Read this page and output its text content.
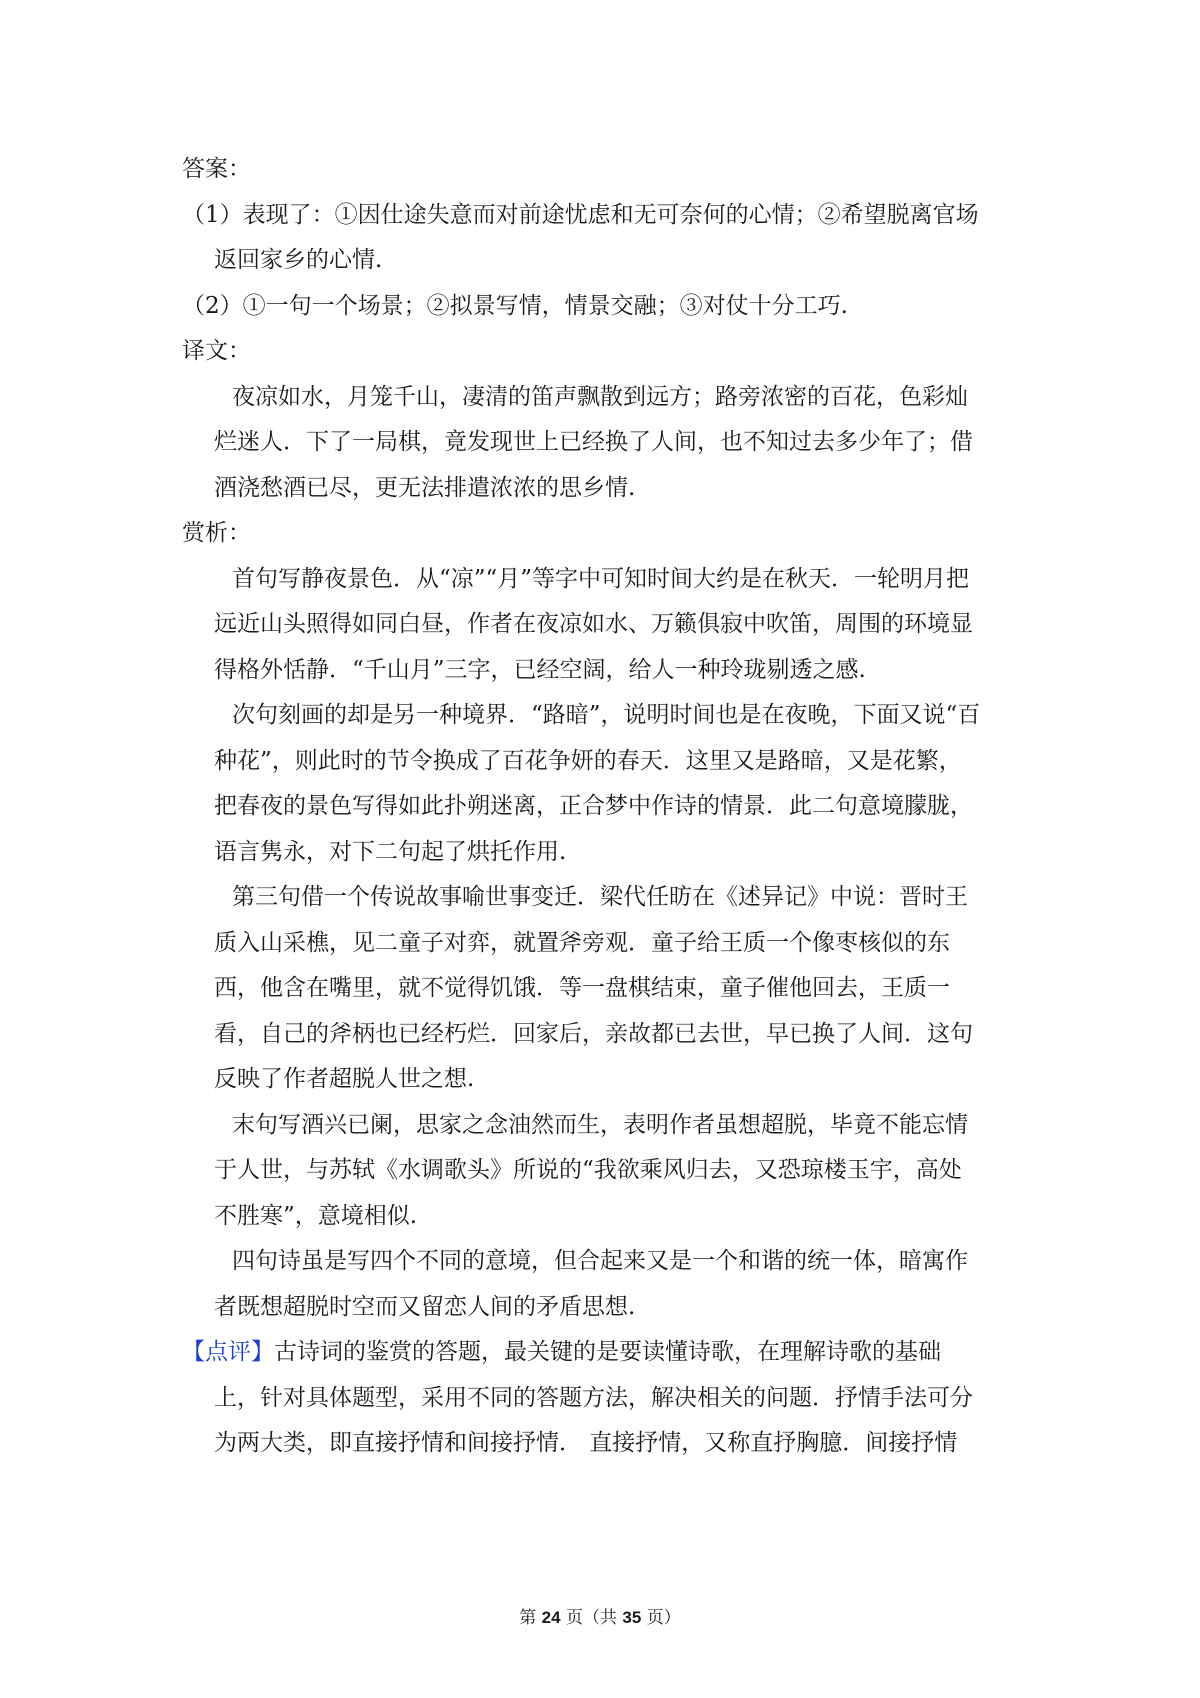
答案：

（1）表现了：①因仕途失意而对前途忧虑和无可奈何的心情；②希望脱离官场

返回家乡的心情.

（2）①一句一个场景；②拟景写情，情景交融；③对仗十分工巧.

译文：

夜凉如水，月笼千山，凄清的笛声飘散到远方；路旁浓密的百花，色彩灿

烂迷人．下了一局棋，竟发现世上已经换了人间，也不知过去多少年了；借

酒浇愁酒已尽，更无法排遣浓浓的思乡情.

赏析：

首句写静夜景色．从“凉”“月”等字中可知时间大约是在秋天．一轮明月把

远近山头照得如同白昼，作者在夜凉如水、万籁俱寂中吹笛，周围的环境显

得格外恬静．“千山月”三字，已经空阔，给人一种玲珑剔透之感.

次句刻画的却是另一种境界．“路暗”，说明时间也是在夜晚，下面又说“百

种花”，则此时的节令换成了百花争妍的春天．这里又是路暗，又是花繁，

把春夜的景色写得如此扑朔迷离，正合梦中作诗的情景．此二句意境朦胧，

语言隽永，对下二句起了烘托作用.

第三句借一个传说故事喻世事变迁．梁代任昉在《述异记》中说：晋时王

质入山采樵，见二童子对弈，就置斧旁观．童子给王质一个像枣核似的东

西，他含在嘴里，就不觉得饥饿．等一盘棋结束，童子催他回去，王质一

看，自己的斧柄也已经朽烂．回家后，亲故都已去世，早已换了人间．这句

反映了作者超脱人世之想.

末句写酒兴已阑，思家之念油然而生，表明作者虽想超脱，毕竟不能忘情

于人世，与苏轼《水调歌头》所说的“我欲乘风归去，又恐琼楼玉宇，高处

不胜寒”，意境相似.

四句诗虽是写四个不同的意境，但合起来又是一个和谐的统一体，暗寓作

者既想超脱时空而又留恋人间的矛盾思想.

【点评】古诗词的鉴赏的答题，最关键的是要读懂诗歌，在理解诗歌的基础

上，针对具体题型，采用不同的答题方法，解决相关的问题．抒情手法可分

为两大类，即直接抒情和间接抒情． 直接抒情，又称直抒胸臆．间接抒情

第 24 页（共 35 页）
